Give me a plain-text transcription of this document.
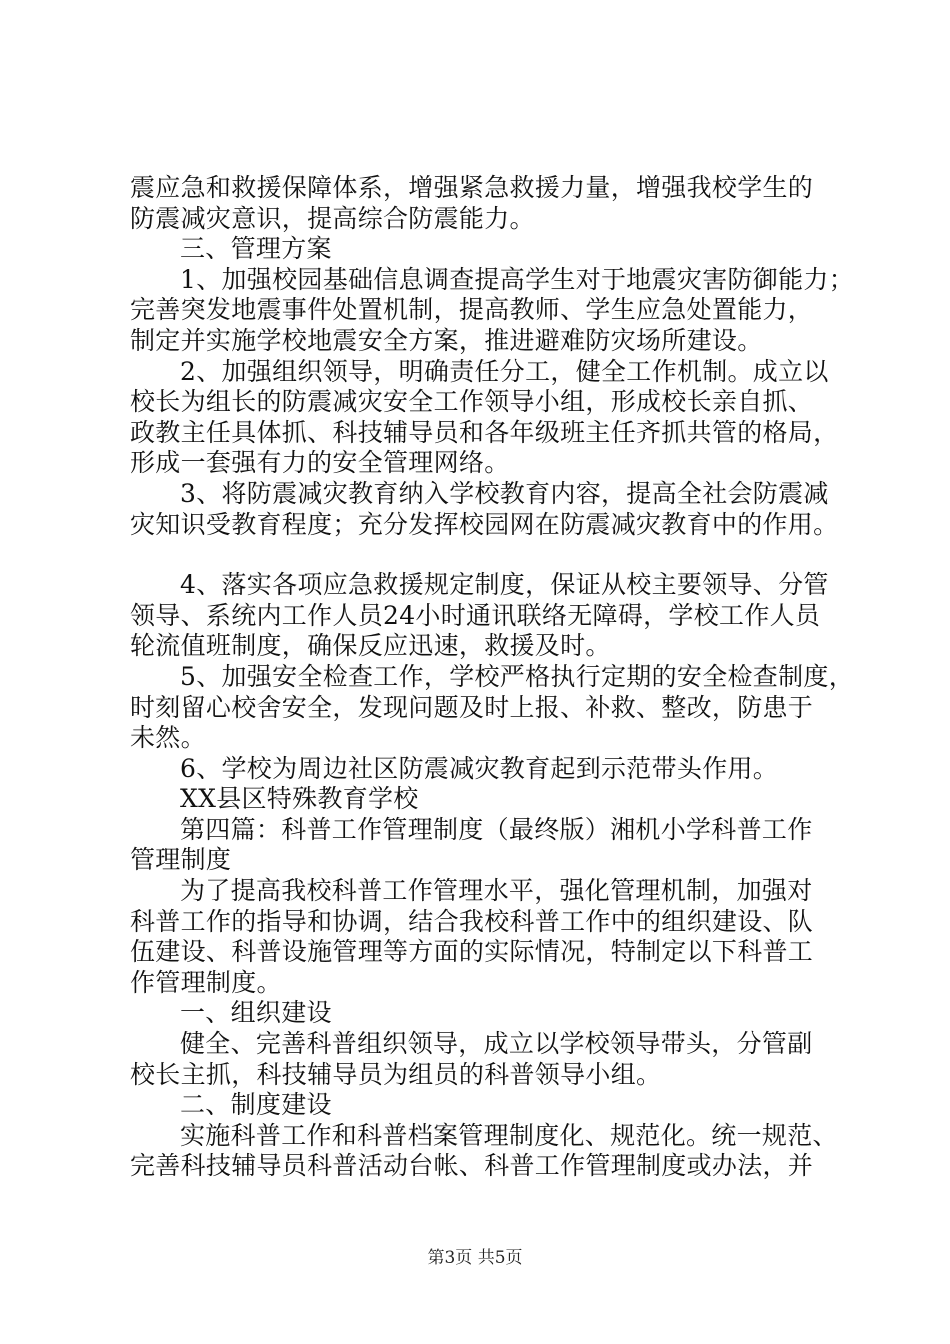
震应急和救援保障体系，增强紧急救援力量，增强我校学生的
防震减灾意识，提高综合防震能力。
三、管理方案
1、加强校园基础信息调查提高学生对于地震灾害防御能力；
完善突发地震事件处置机制，提高教师、学生应急处置能力，
制定并实施学校地震安全方案，推进避难防灾场所建设。
2、加强组织领导，明确责任分工，健全工作机制。成立以
校长为组长的防震减灾安全工作领导小组，形成校长亲自抓、
政教主任具体抓、科技辅导员和各年级班主任齐抓共管的格局，
形成一套强有力的安全管理网络。
3、将防震减灾教育纳入学校教育内容，提高全社会防震减
灾知识受教育程度；充分发挥校园网在防震减灾教育中的作用。
4、落实各项应急救援规定制度，保证从校主要领导、分管
领导、系统内工作人员24小时通讯联络无障碍，学校工作人员
轮流值班制度，确保反应迅速，救援及时。
5、加强安全检查工作，学校严格执行定期的安全检查制度，
时刻留心校舍安全，发现问题及时上报、补救、整改，防患于
未然。
6、学校为周边社区防震减灾教育起到示范带头作用。
XX县区特殊教育学校
第四篇：科普工作管理制度（最终版）湘机小学科普工作
管理制度
为了提高我校科普工作管理水平，强化管理机制，加强对
科普工作的指导和协调，结合我校科普工作中的组织建设、队
伍建设、科普设施管理等方面的实际情况，特制定以下科普工
作管理制度。
一、组织建设
健全、完善科普组织领导，成立以学校领导带头，分管副
校长主抓，科技辅导员为组员的科普领导小组。
二、制度建设
实施科普工作和科普档案管理制度化、规范化。统一规范、
完善科技辅导员科普活动台帐、科普工作管理制度或办法，并
第3页 共5页
